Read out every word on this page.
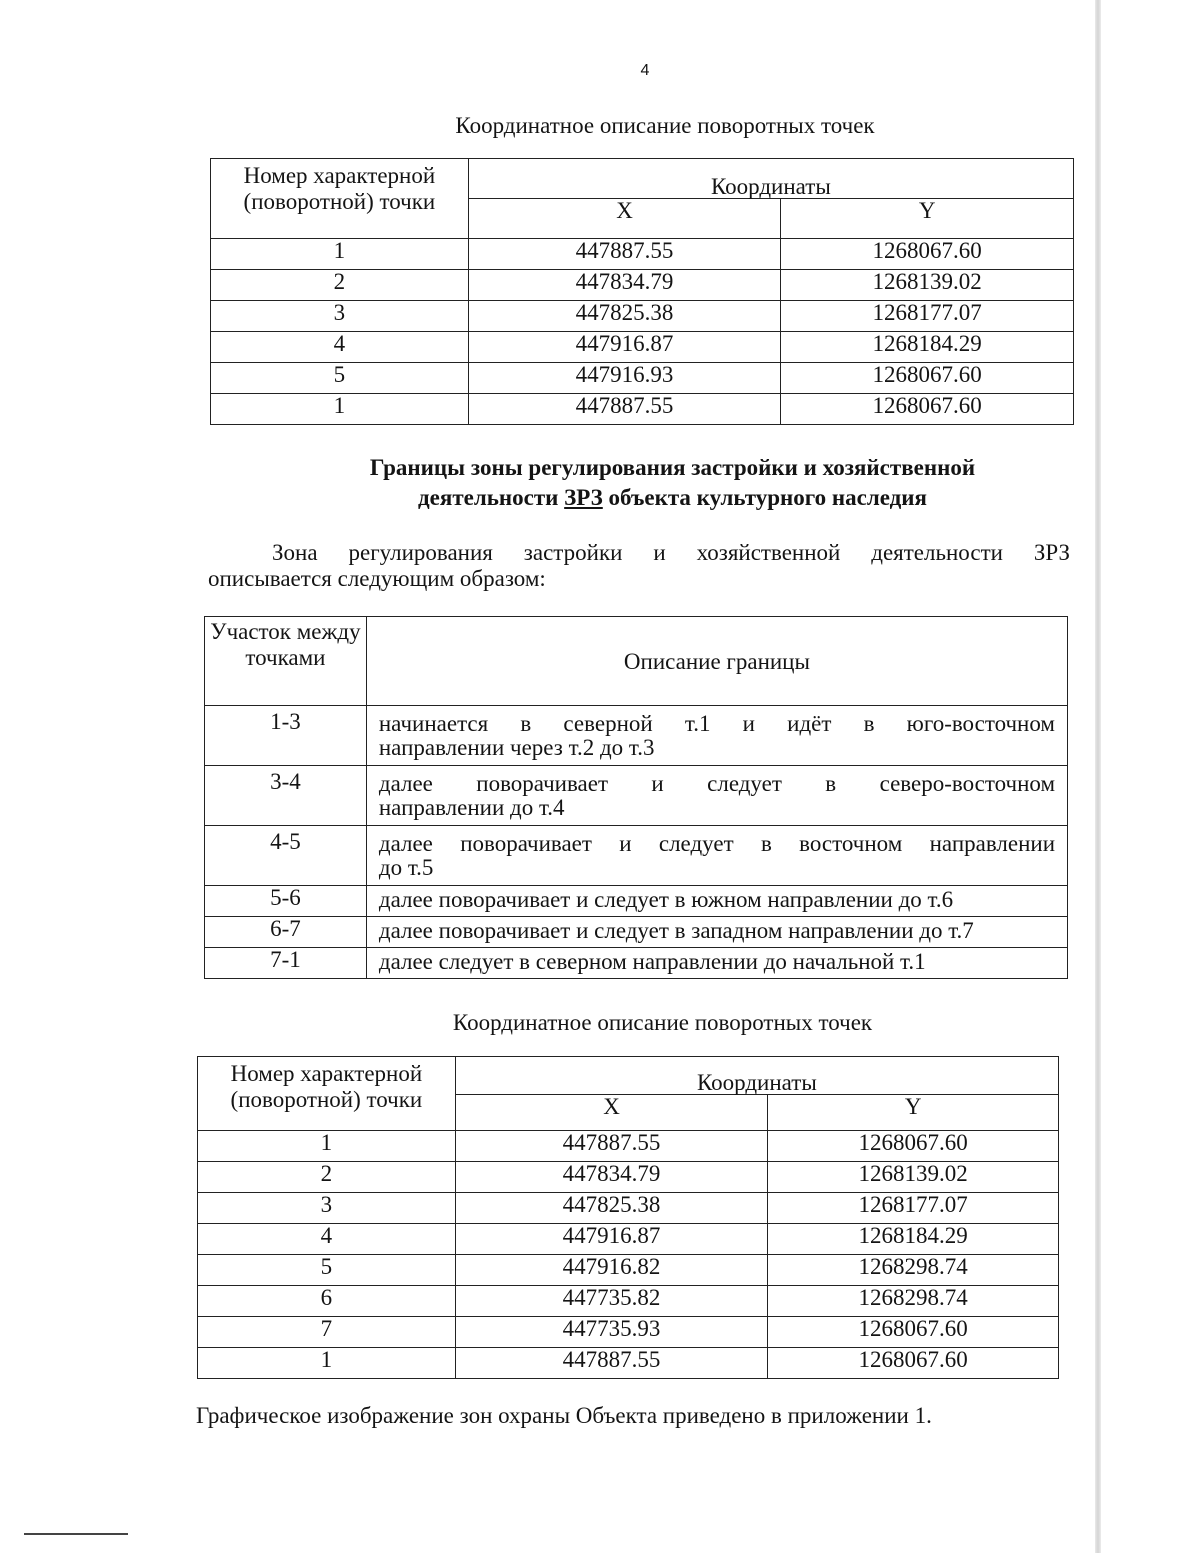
4
Координатное описание поворотных точек
Номер характерной (поворотной) точки	Координаты	
	X	Y
1	447887.55	1268067.60
2	447834.79	1268139.02
3	447825.38	1268177.07
4	447916.87	1268184.29
5	447916.93	1268067.60
1	447887.55	1268067.60
Границы зоны регулирования застройки и хозяйственной
деятельности ЗРЗ объекта культурного наследия
Зона регулирования застройки и хозяйственной деятельности ЗРЗ
описывается следующим образом:
Участок между точками	Описание границы
1-3	начинается в северной т.1 и идёт в юго-восточном
направлении через т.2 до т.3
3-4	далее поворачивает и следует в северо-восточном
направлении до т.4
4-5	далее поворачивает и следует в восточном направлении
до т.5
5-6	далее поворачивает и следует в южном направлении до т.6
6-7	далее поворачивает и следует в западном направлении до т.7
7-1	далее следует в северном направлении до начальной т.1
Координатное описание поворотных точек
Номер характерной (поворотной) точки	Координаты	
	X	Y
1	447887.55	1268067.60
2	447834.79	1268139.02
3	447825.38	1268177.07
4	447916.87	1268184.29
5	447916.82	1268298.74
6	447735.82	1268298.74
7	447735.93	1268067.60
1	447887.55	1268067.60
Графическое изображение зон охраны Объекта приведено в приложении 1.
